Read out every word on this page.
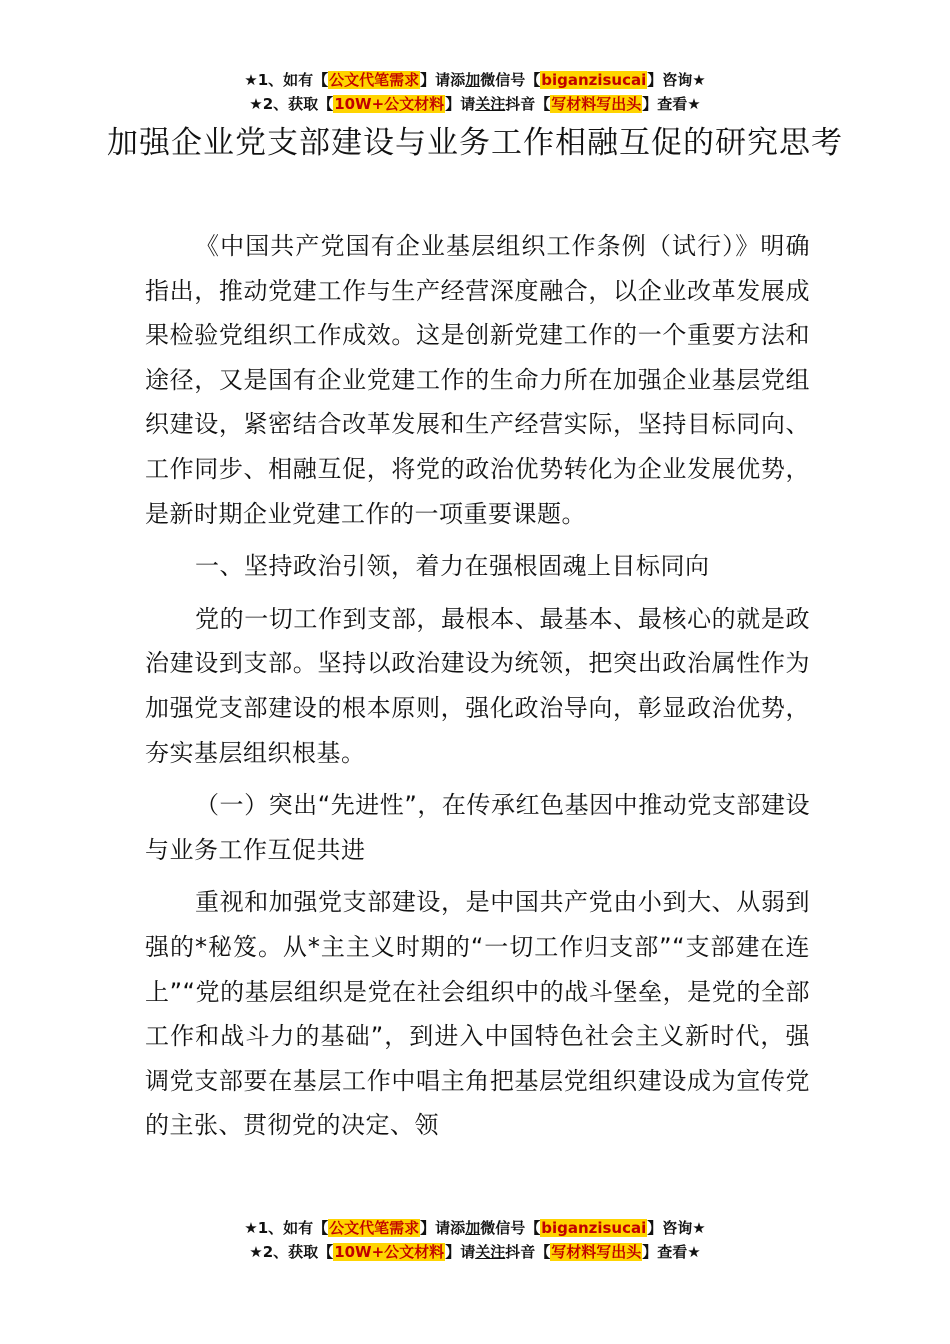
★1、如有【公文代笔需求】请添加微信号【biganzisucai】咨询★
★2、获取【10W+公文材料】请关注抖音【写材料写出头】查看★
加强企业党支部建设与业务工作相融互促的研究思考

《中国共产党国有企业基层组织工作条例（试行）》明确指出，推动党建工作与生产经营深度融合，以企业改革发展成果检验党组织工作成效。这是创新党建工作的一个重要方法和途径，又是国有企业党建工作的生命力所在加强企业基层党组织建设，紧密结合改革发展和生产经营实际，坚持目标同向、工作同步、相融互促，将党的政治优势转化为企业发展优势，是新时期企业党建工作的一项重要课题。

一、坚持政治引领，着力在强根固魂上目标同向

党的一切工作到支部，最根本、最基本、最核心的就是政治建设到支部。坚持以政治建设为统领，把突出政治属性作为加强党支部建设的根本原则，强化政治导向，彰显政治优势，夯实基层组织根基。

（一）突出“先进性”，在传承红色基因中推动党支部建设与业务工作互促共进

重视和加强党支部建设，是中国共产党由小到大、从弱到强的*秘笈。从*主主义时期的“一切工作归支部”“支部建在连上”“党的基层组织是党在社会组织中的战斗堡垒，是党的全部工作和战斗力的基础”，到进入中国特色社会主义新时代，强调党支部要在基层工作中唱主角把基层党组织建设成为宣传党的主张、贯彻党的决定、领

★1、如有【公文代笔需求】请添加微信号【biganzisucai】咨询★
★2、获取【10W+公文材料】请关注抖音【写材料写出头】查看★
